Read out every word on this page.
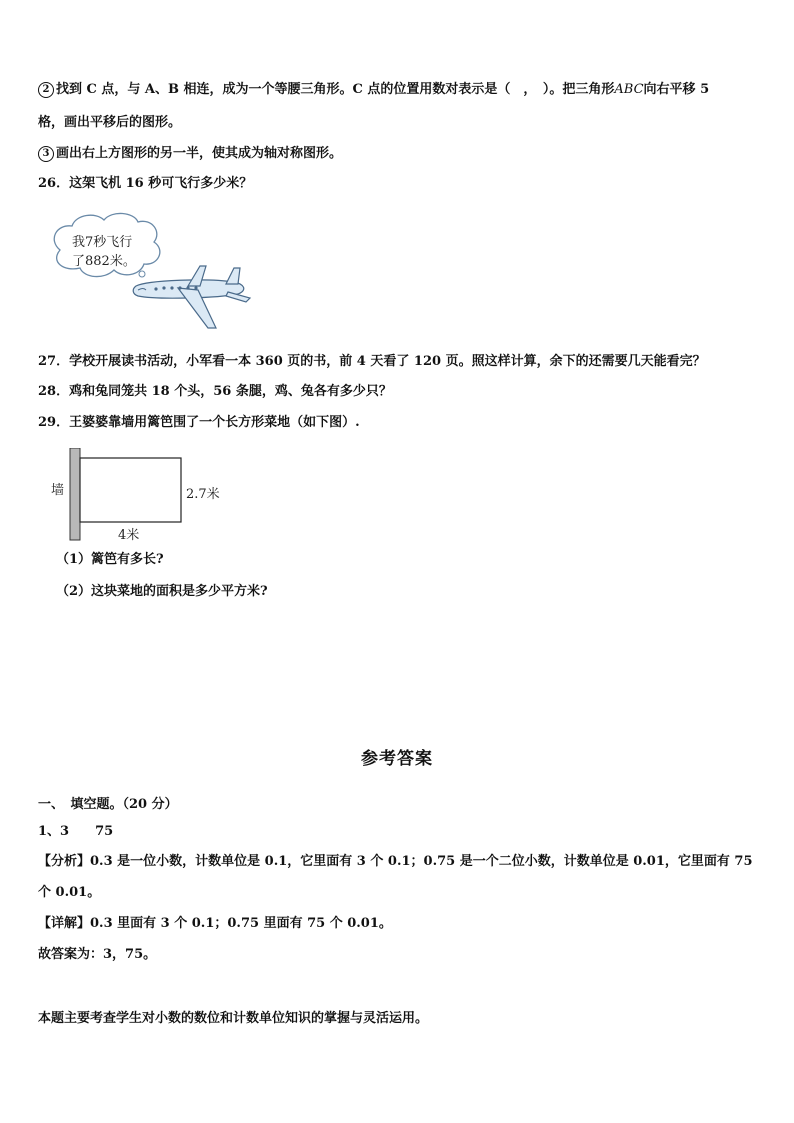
2 找到 C 点，与 A、B 相连，成为一个等腰三角形。C 点的位置用数对表示是（　，　）。把三角形ABC向右平移 5
格，画出平移后的图形。
3 画出右上方图形的另一半，使其成为轴对称图形。
26．这架飞机 16 秒可飞行多少米？
我7秒飞行
了882米。
27．学校开展读书活动，小军看一本 360 页的书，前 4 天看了 120 页。照这样计算，余下的还需要几天能看完？
28．鸡和兔同笼共 18 个头，56 条腿，鸡、兔各有多少只？
29．王婆婆靠墙用篱笆围了一个长方形菜地（如下图）.
墙	2.7米
4米
（1）篱笆有多长?
（2）这块菜地的面积是多少平方米?
参考答案
一、　填空题。（20 分）
1、3　　75
【分析】0.3 是一位小数，计数单位是 0.1，它里面有 3 个 0.1；0.75 是一个二位小数，计数单位是 0.01，它里面有 75
个 0.01。
【详解】0.3 里面有 3 个 0.1；0.75 里面有 75 个 0.01。
故答案为：3，75。
本题主要考查学生对小数的数位和计数单位知识的掌握与灵活运用。
